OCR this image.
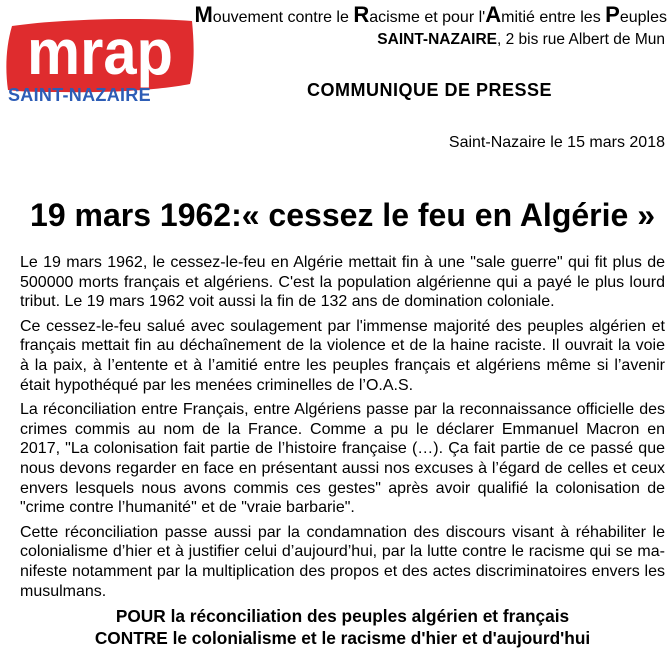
mrap
SAINT-NAZAIRE
Mouvement contre le Racisme et pour l'Amitié entre les Peuples
SAINT-NAZAIRE, 2 bis rue Albert de Mun
COMMUNIQUE DE PRESSE
Saint-Nazaire le 15 mars 2018
19 mars 1962:« cessez le feu en Algérie »
Le 19 mars 1962, le cessez-le-feu en Algérie mettait fin à une "sale guerre" qui fit plus de
500000 morts français et algériens. C'est la population algérienne qui a payé le plus lourd
tribut. Le 19 mars 1962 voit aussi la fin de 132 ans de domination coloniale.
Ce cessez-le-feu salué avec soulagement par l'immense majorité des peuples algérien et
français mettait fin au déchaînement de la violence et de la haine raciste. Il ouvrait la voie
à la paix, à l’entente et à l’amitié entre les peuples français et algériens même si l’avenir
était hypothéqué par les menées criminelles de l’O.A.S.
La réconciliation entre Français, entre Algériens passe par la reconnaissance officielle des
crimes commis au nom de la France. Comme a pu le déclarer Emmanuel Macron en
2017, "La colonisation fait partie de l’histoire française (…). Ça fait partie de ce passé que
nous devons regarder en face en présentant aussi nos excuses à l’égard de celles et ceux
envers lesquels nous avons commis ces gestes" après avoir qualifié la colonisation de
"crime contre l’humanité" et de "vraie barbarie".
Cette réconciliation passe aussi par la condamnation des discours visant à réhabiliter le
colonialisme d’hier et à justifier celui d’aujourd’hui, par la lutte contre le racisme qui se ma-
nifeste notamment par la multiplication des propos et des actes discriminatoires envers les
musulmans.
POUR la réconciliation des peuples algérien et français
CONTRE le colonialisme et le racisme d'hier et d'aujourd'hui
